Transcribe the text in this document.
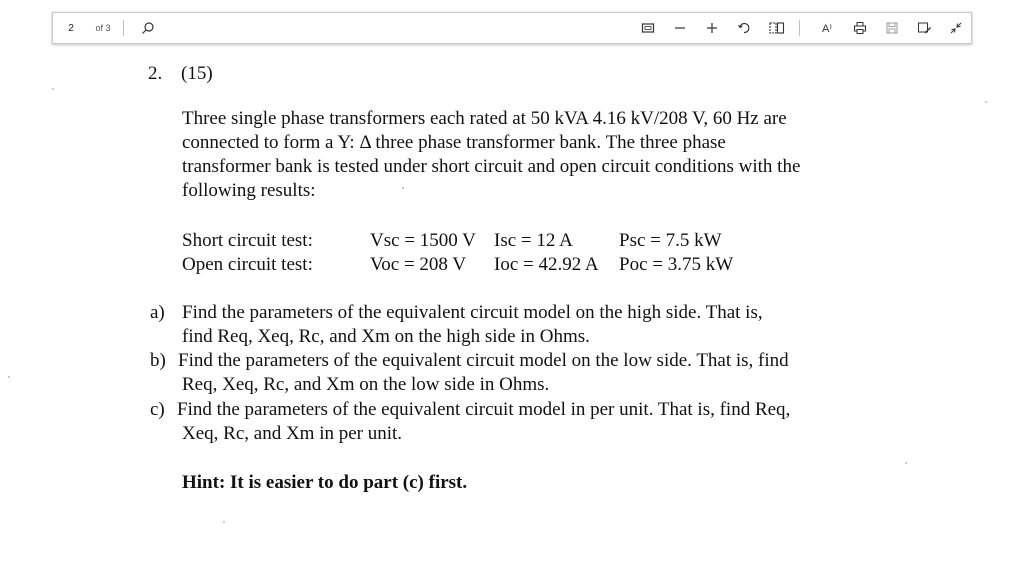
2	of 3	A⁾
2. (15)
Three single phase transformers each rated at 50 kVA 4.16 kV/208 V, 60 Hz are
connected to form a Y: Δ three phase transformer bank. The three phase
transformer bank is tested under short circuit and open circuit conditions with the
following results:
Short circuit test:	Vsc = 1500 V Isc = 12 A Psc = 7.5 kW
Open circuit test:	Voc = 208 V Ioc = 42.92 A Poc = 3.75 kW
a) Find the parameters of the equivalent circuit model on the high side. That is,
find Req, Xeq, Rc, and Xm on the high side in Ohms.
b) Find the parameters of the equivalent circuit model on the low side. That is, find
Req, Xeq, Rc, and Xm on the low side in Ohms.
c) Find the parameters of the equivalent circuit model in per unit. That is, find Req,
Xeq, Rc, and Xm in per unit.
Hint: It is easier to do part (c) first.
